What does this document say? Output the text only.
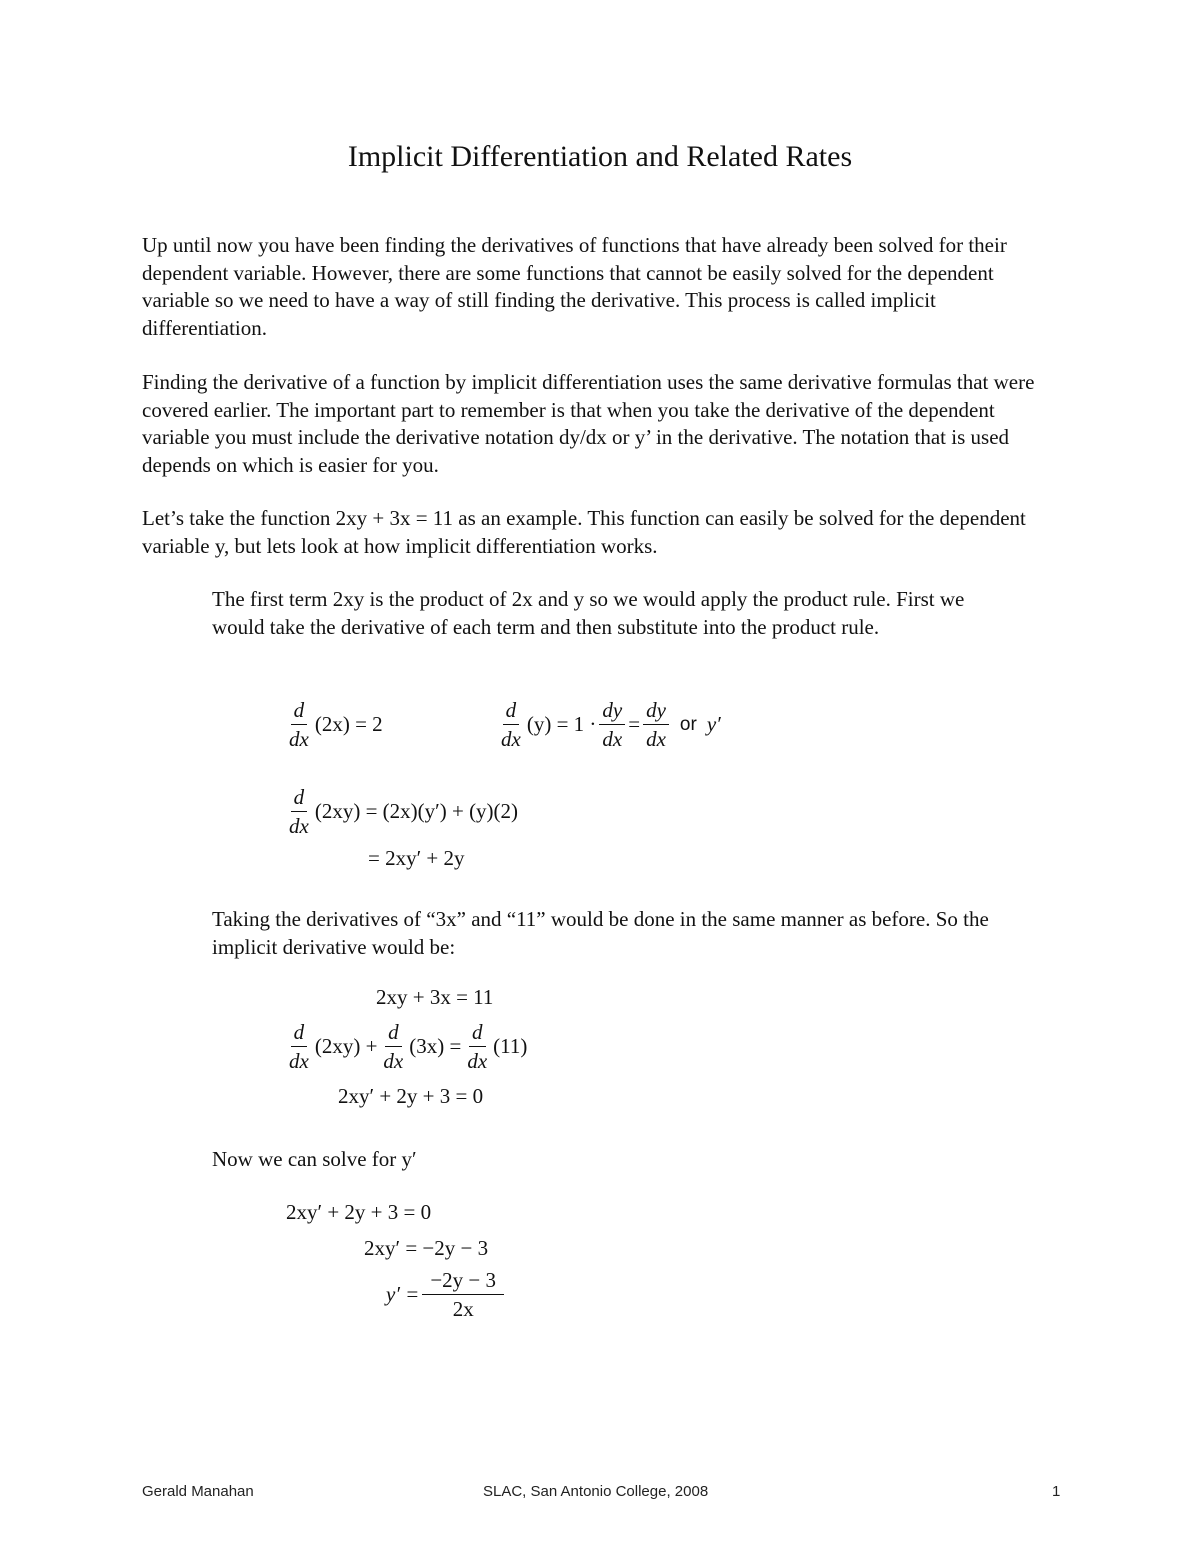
Implicit Differentiation and Related Rates

Up until now you have been finding the derivatives of functions that have already been solved for their dependent variable. However, there are some functions that cannot be easily solved for the dependent variable so we need to have a way of still finding the derivative. This process is called implicit differentiation.

Finding the derivative of a function by implicit differentiation uses the same derivative formulas that were covered earlier. The important part to remember is that when you take the derivative of the dependent variable you must include the derivative notation dy/dx or y’ in the derivative. The notation that is used depends on which is easier for you.

Let’s take the function 2xy + 3x = 11 as an example. This function can easily be solved for the dependent variable y, but lets look at how implicit differentiation works.

The first term 2xy is the product of 2x and y so we would apply the product rule. First we would take the derivative of each term and then substitute into the product rule.

$\frac{d}{dx} (2x) = 2$	$\frac{d}{dx} (y) = 1 \cdot \frac{dy}{dx} = \frac{dy}{dx}$ or y′
$\frac{d}{dx} (2xy) = (2x)(y') + (y)(2)$
= 2xy′ + 2y

Taking the derivatives of “3x” and “11” would be done in the same manner as before. So the implicit derivative would be:

2xy + 3x = 11
$\frac{d}{dx} (2xy) + \frac{d}{dx} (3x) = \frac{d}{dx} (11)$
2xy′ + 2y + 3 = 0

Now we can solve for y′

2xy′ + 2y + 3 = 0
2xy′ = −2y − 3
$y' = \frac{-2y - 3}{2x}$
Gerald Manahan	SLAC, San Antonio College, 2008	1
